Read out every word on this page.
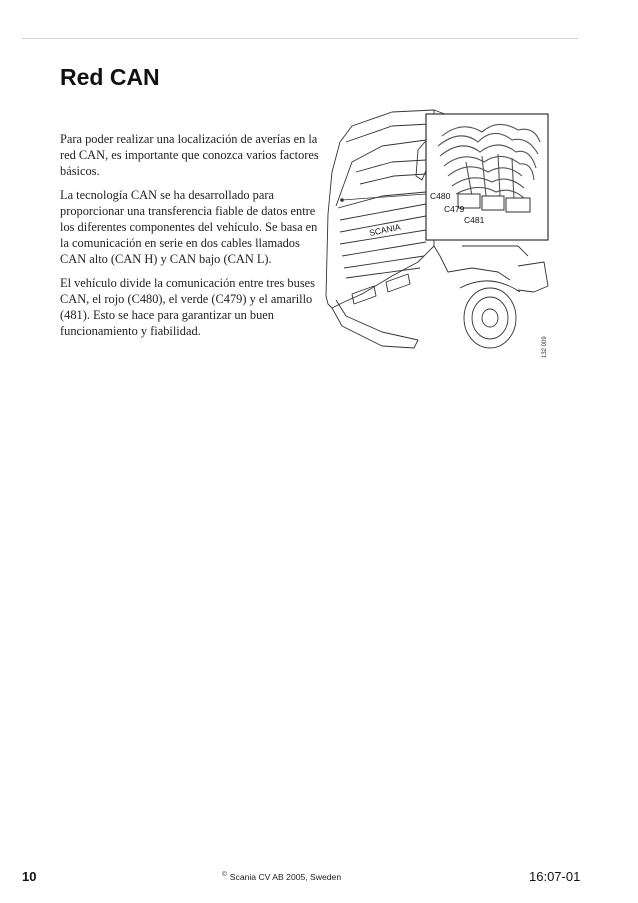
Red CAN

Para poder realizar una localización de averías en la red CAN, es importante que conozca varios factores básicos.

La tecnología CAN se ha desarrollado para proporcionar una transferencia fiable de datos entre los diferentes componentes del vehículo. Se basa en la comunicación en serie en dos cables llamados CAN alto (CAN H) y CAN bajo (CAN L).

El vehículo divide la comunicación entre tres buses CAN, el rojo (C480), el verde (C479) y el amarillo (481). Esto se hace para garantizar un buen funcionamiento y fiabilidad.

SCANIA
C480
C479
C481
132 009
10	© Scania CV AB 2005, Sweden	16:07-01
